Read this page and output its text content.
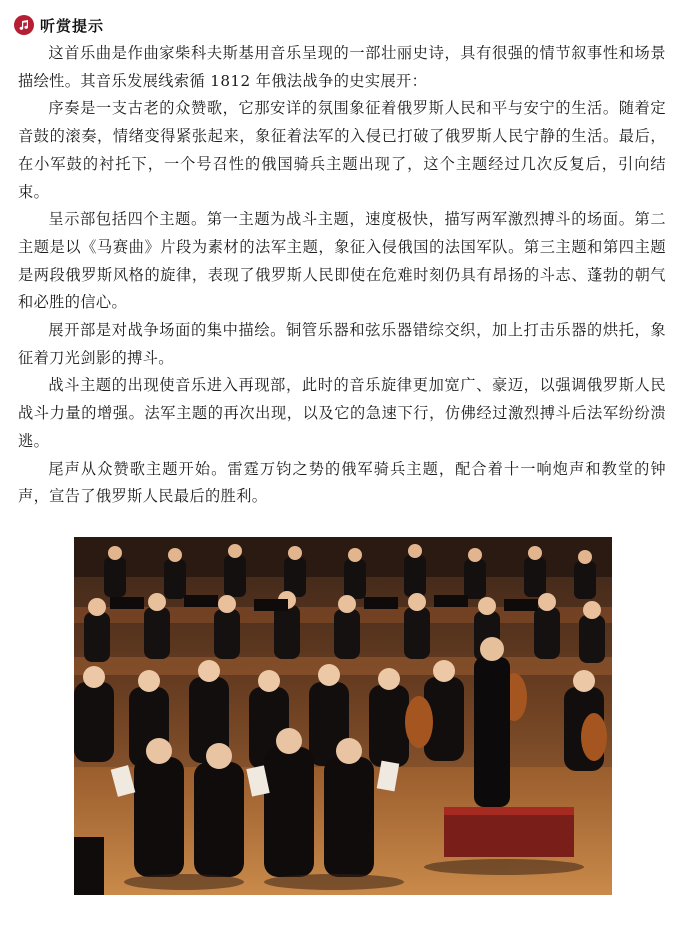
听赏提示

这首乐曲是作曲家柴科夫斯基用音乐呈现的一部壮丽史诗，具有很强的情节叙事性和场景描绘性。其音乐发展线索循 1812 年俄法战争的史实展开：

序奏是一支古老的众赞歌，它那安详的氛围象征着俄罗斯人民和平与安宁的生活。随着定音鼓的滚奏，情绪变得紧张起来，象征着法军的入侵已打破了俄罗斯人民宁静的生活。最后，在小军鼓的衬托下，一个号召性的俄国骑兵主题出现了，这个主题经过几次反复后，引向结束。

呈示部包括四个主题。第一主题为战斗主题，速度极快，描写两军激烈搏斗的场面。第二主题是以《马赛曲》片段为素材的法军主题，象征入侵俄国的法国军队。第三主题和第四主题是两段俄罗斯风格的旋律，表现了俄罗斯人民即使在危难时刻仍具有昂扬的斗志、蓬勃的朝气和必胜的信心。

展开部是对战争场面的集中描绘。铜管乐器和弦乐器错综交织，加上打击乐器的烘托，象征着刀光剑影的搏斗。

战斗主题的出现使音乐进入再现部，此时的音乐旋律更加宽广、豪迈，以强调俄罗斯人民战斗力量的增强。法军主题的再次出现，以及它的急速下行，仿佛经过激烈搏斗后法军纷纷溃逃。

尾声从众赞歌主题开始。雷霆万钧之势的俄军骑兵主题，配合着十一响炮声和教堂的钟声，宣告了俄罗斯人民最后的胜利。
